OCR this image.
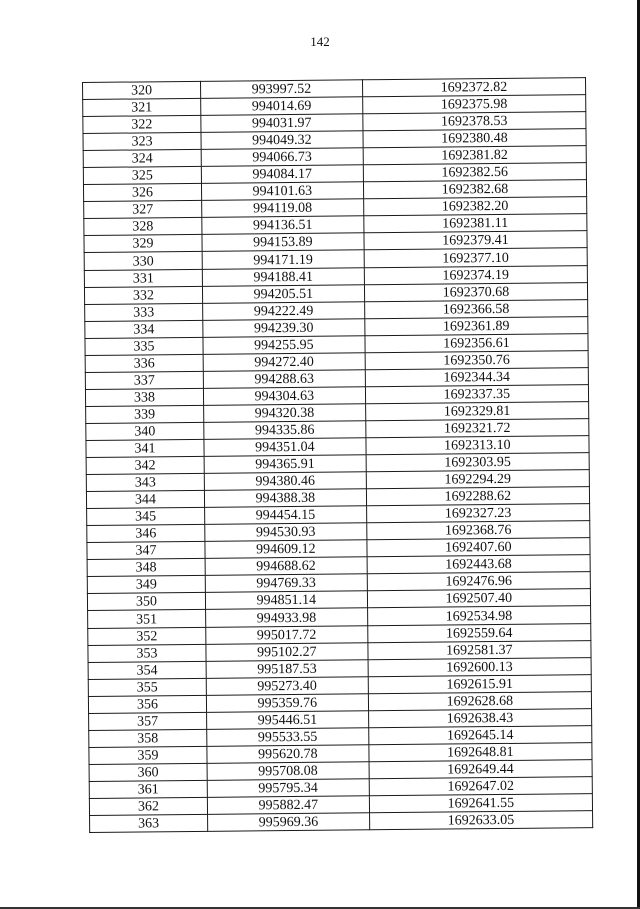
142
320	993997.52	1692372.82
321	994014.69	1692375.98
322	994031.97	1692378.53
323	994049.32	1692380.48
324	994066.73	1692381.82
325	994084.17	1692382.56
326	994101.63	1692382.68
327	994119.08	1692382.20
328	994136.51	1692381.11
329	994153.89	1692379.41
330	994171.19	1692377.10
331	994188.41	1692374.19
332	994205.51	1692370.68
333	994222.49	1692366.58
334	994239.30	1692361.89
335	994255.95	1692356.61
336	994272.40	1692350.76
337	994288.63	1692344.34
338	994304.63	1692337.35
339	994320.38	1692329.81
340	994335.86	1692321.72
341	994351.04	1692313.10
342	994365.91	1692303.95
343	994380.46	1692294.29
344	994388.38	1692288.62
345	994454.15	1692327.23
346	994530.93	1692368.76
347	994609.12	1692407.60
348	994688.62	1692443.68
349	994769.33	1692476.96
350	994851.14	1692507.40
351	994933.98	1692534.98
352	995017.72	1692559.64
353	995102.27	1692581.37
354	995187.53	1692600.13
355	995273.40	1692615.91
356	995359.76	1692628.68
357	995446.51	1692638.43
358	995533.55	1692645.14
359	995620.78	1692648.81
360	995708.08	1692649.44
361	995795.34	1692647.02
362	995882.47	1692641.55
363	995969.36	1692633.05
